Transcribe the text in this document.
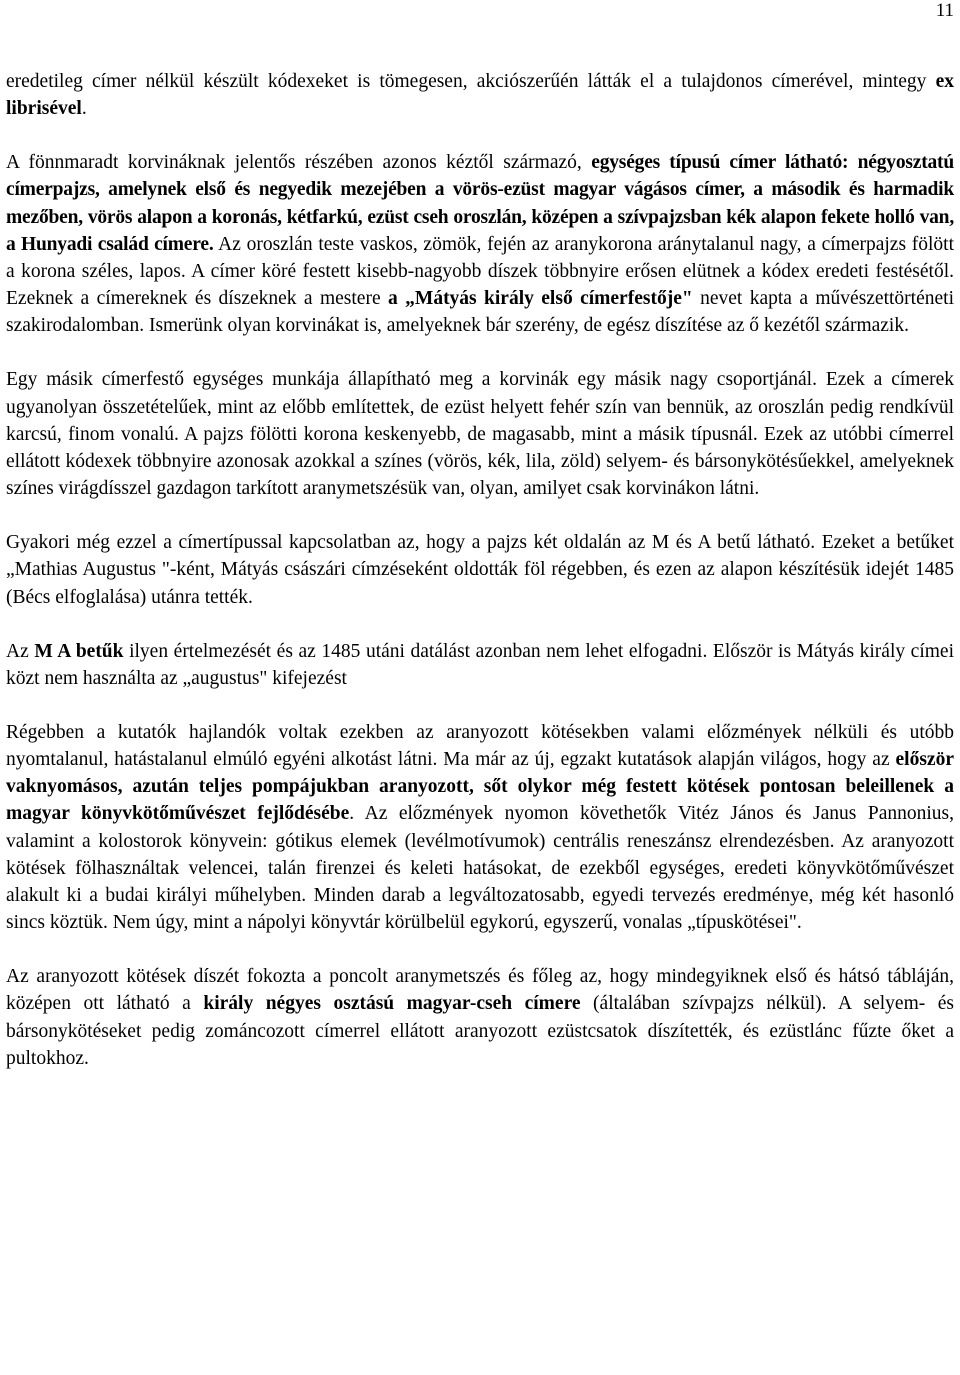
11

eredetileg címer nélkül készült kódexeket is tömegesen, akciószerűén látták el a tulajdonos címerével, mintegy ex librisével.

A fönnmaradt korvináknak jelentős részében azonos kéztől származó, egységes típusú címer látható: négyosztatú címerpajzs, amelynek első és negyedik mezejében a vörös-ezüst magyar vágásos címer, a második és harmadik mezőben, vörös alapon a koronás, kétfarkú, ezüst cseh oroszlán, középen a szívpajzsban kék alapon fekete holló van, a Hunyadi család címere. Az oroszlán teste vaskos, zömök, fején az aranykorona aránytalanul nagy, a címerpajzs fölött a korona széles, lapos. A címer köré festett kisebb-nagyobb díszek többnyire erősen elütnek a kódex eredeti festésétől. Ezeknek a címereknek és díszeknek a mestere a „Mátyás király első címerfestője" nevet kapta a művészettörténeti szakirodalomban. Ismerünk olyan korvinákat is, amelyeknek bár szerény, de egész díszítése az ő kezétől származik.

Egy másik címerfestő egységes munkája állapítható meg a korvinák egy másik nagy csoportjánál. Ezek a címerek ugyanolyan összetételűek, mint az előbb említettek, de ezüst helyett fehér szín van bennük, az oroszlán pedig rendkívül karcsú, finom vonalú. A pajzs fölötti korona keskenyebb, de magasabb, mint a másik típusnál. Ezek az utóbbi címerrel ellátott kódexek többnyire azonosak azokkal a színes (vörös, kék, lila, zöld) selyem- és bársonykötésűekkel, amelyeknek színes virágdísszel gazdagon tarkított aranymetszésük van, olyan, amilyet csak korvinákon látni.

Gyakori még ezzel a címertípussal kapcsolatban az, hogy a pajzs két oldalán az M és A betű látható. Ezeket a betűket „Mathias Augustus "-ként, Mátyás császári címzéseként oldották föl régebben, és ezen az alapon készítésük idejét 1485 (Bécs elfoglalása) utánra tették.

Az M A betűk ilyen értelmezését és az 1485 utáni datálást azonban nem lehet elfogadni. Először is Mátyás király címei közt nem használta az „augustus" kifejezést

Régebben a kutatók hajlandók voltak ezekben az aranyozott kötésekben valami előzmények nélküli és utóbb nyomtalanul, hatástalanul elmúló egyéni alkotást látni. Ma már az új, egzakt kutatások alapján világos, hogy az először vaknyomásos, azután teljes pompájukban aranyozott, sőt olykor még festett kötések pontosan beleillenek a magyar könyvkötőművészet fejlődésébe. Az előzmények nyomon követhetők Vitéz János és Janus Pannonius, valamint a kolostorok könyvein: gótikus elemek (levélmotívumok) centrális reneszánsz elrendezésben. Az aranyozott kötések fölhasználtak velencei, talán firenzei és keleti hatásokat, de ezekből egységes, eredeti könyvkötőművészet alakult ki a budai királyi műhelyben. Minden darab a legváltozatosabb, egyedi tervezés eredménye, még két hasonló sincs köztük. Nem úgy, mint a nápolyi könyvtár körülbelül egykorú, egyszerű, vonalas „típuskötései".

Az aranyozott kötések díszét fokozta a poncolt aranymetszés és főleg az, hogy mindegyiknek első és hátsó tábláján, középen ott látható a király négyes osztású magyar-cseh címere (általában szívpajzs nélkül). A selyem- és bársonykötéseket pedig zománcozott címerrel ellátott aranyozott ezüstcsatok díszítették, és ezüstlánc fűzte őket a pultokhoz.
